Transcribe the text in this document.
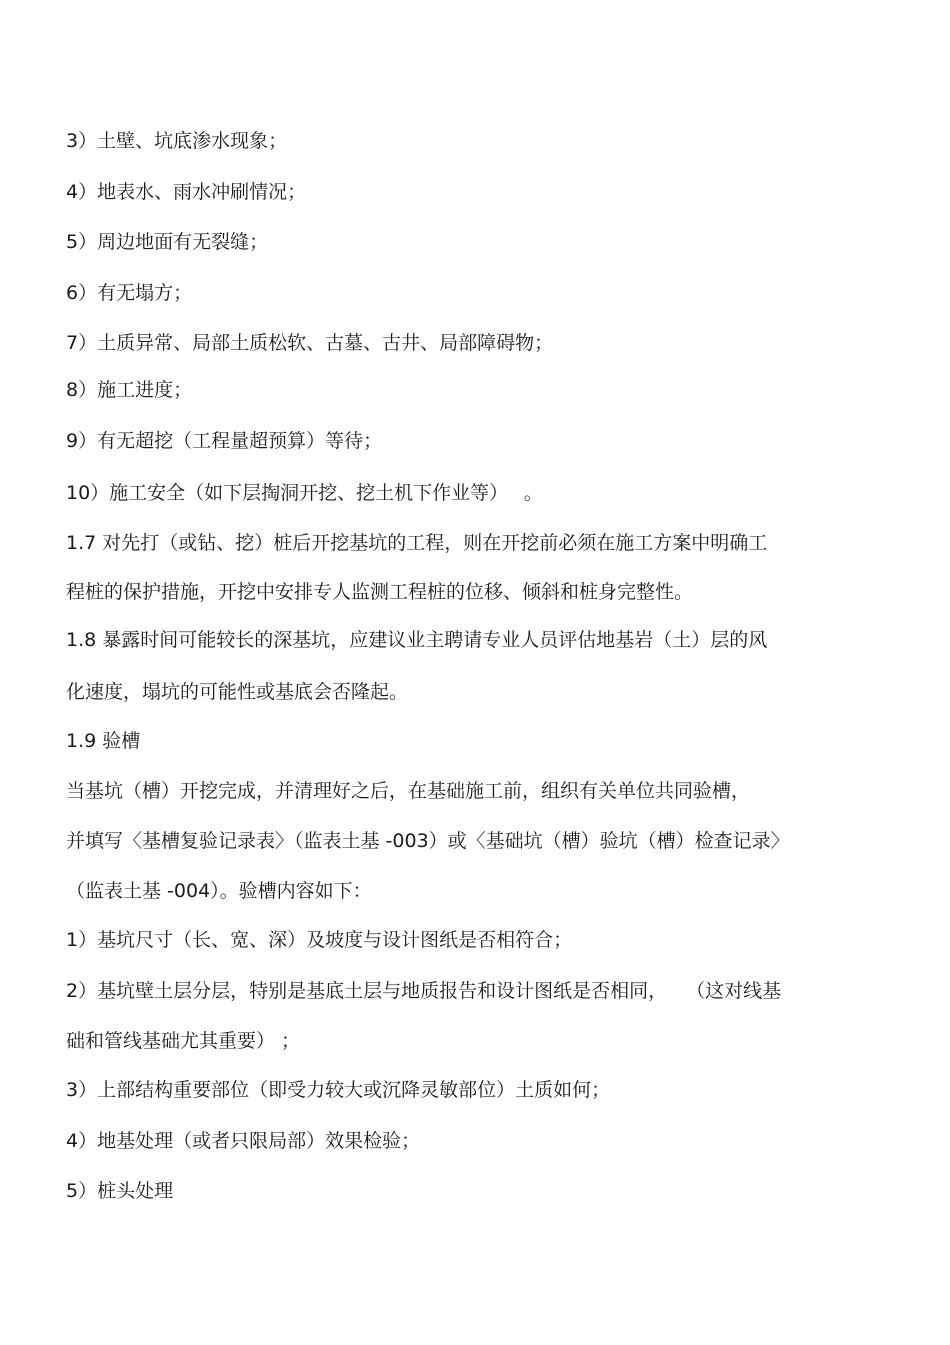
3）土壁、坑底渗水现象；
4）地表水、雨水冲刷情况；
5）周边地面有无裂缝；
6）有无塌方；
7）土质异常、局部土质松软、古墓、古井、局部障碍物；
8）施工进度；
9）有无超挖（工程量超预算）等待；
10）施工安全（如下层掏洞开挖、挖土机下作业等）　 。
1.7 对先打（或钻、挖）桩后开挖基坑的工程，则在开挖前必须在施工方案中明确工
程桩的保护措施，开挖中安排专人监测工程桩的位移、倾斜和桩身完整性。
1.8 暴露时间可能较长的深基坑，应建议业主聘请专业人员评估地基岩（土）层的风
化速度，塌坑的可能性或基底会否隆起。
1.9 验槽
当基坑（槽）开挖完成，并清理好之后，在基础施工前，组织有关单位共同验槽，
并填写〈基槽复验记录表〉（监表土基 -003）或〈基础坑（槽）验坑（槽）检查记录〉
（监表土基 -004）。验槽内容如下：
1）基坑尺寸（长、宽、深）及坡度与设计图纸是否相符合；
2）基坑壁土层分层，特别是基底土层与地质报告和设计图纸是否相同，　　（这对线基
础和管线基础尤其重要） ；
3）上部结构重要部位（即受力较大或沉降灵敏部位）土质如何；
4）地基处理（或者只限局部）效果检验；
5）桩头处理
